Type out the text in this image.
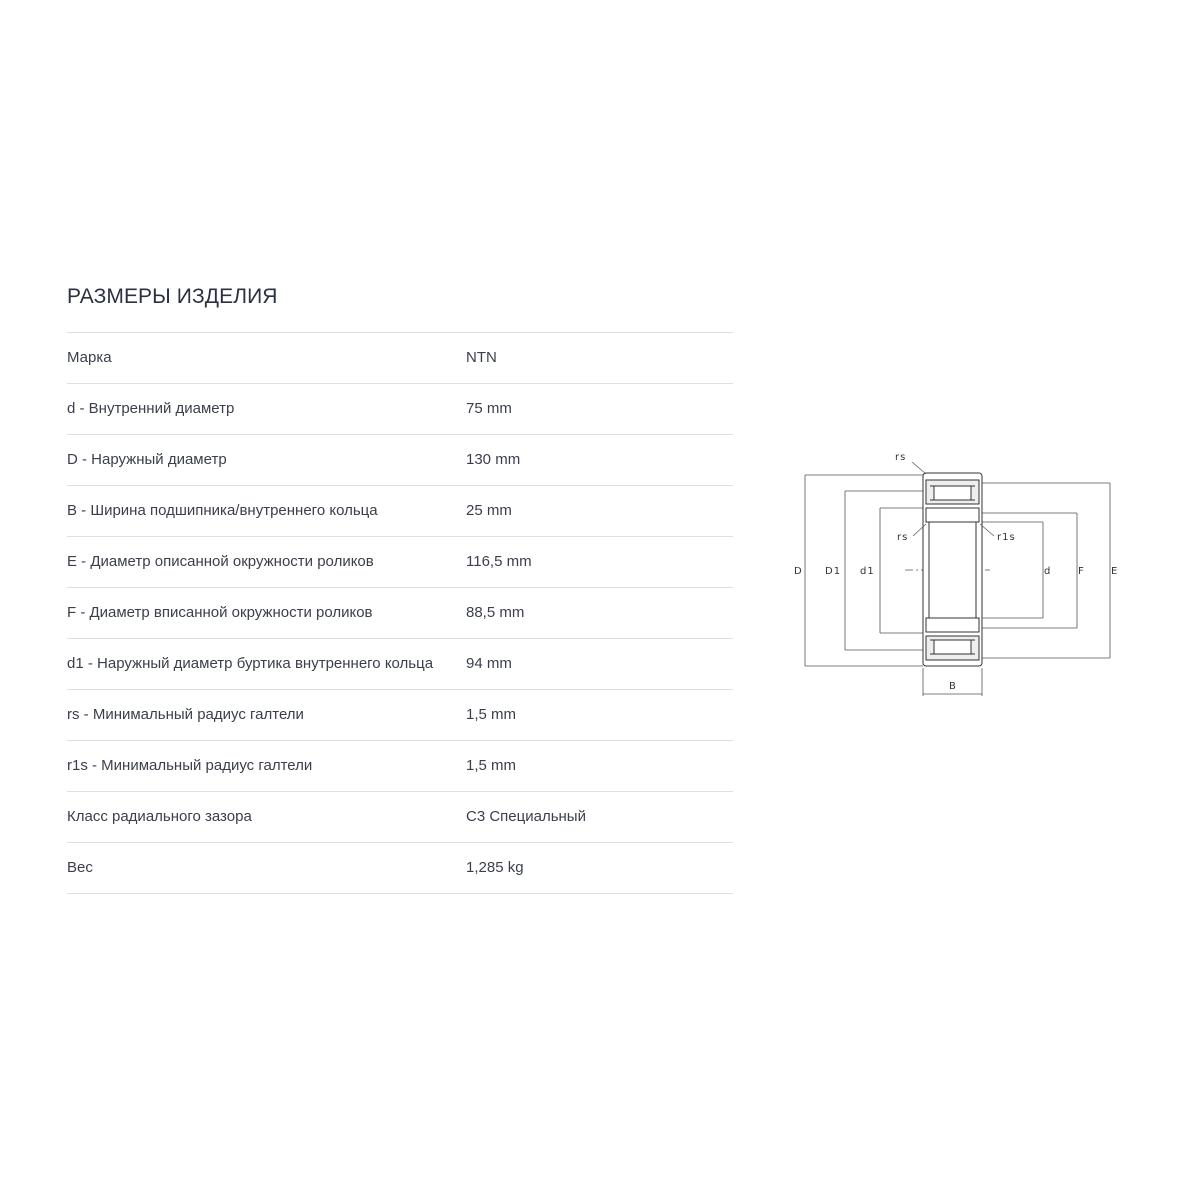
РАЗМЕРЫ ИЗДЕЛИЯ
Марка	NTN
d - Внутренний диаметр	75 mm
D - Наружный диаметр	130 mm
B - Ширина подшипника/внутреннего кольца	25 mm
E - Диаметр описанной окружности роликов	116,5 mm
F - Диаметр вписанной окружности роликов	88,5 mm
d1 - Наружный диаметр буртика внутреннего кольца 94 mm
rs - Минимальный радиус галтели	1,5 mm
r1s - Минимальный радиус галтели	1,5 mm
Класс радиального зазора	C3 Специальный
Вес	1,285 kg
rs
rs	r1s
D D1 d1	d	F	E
B
